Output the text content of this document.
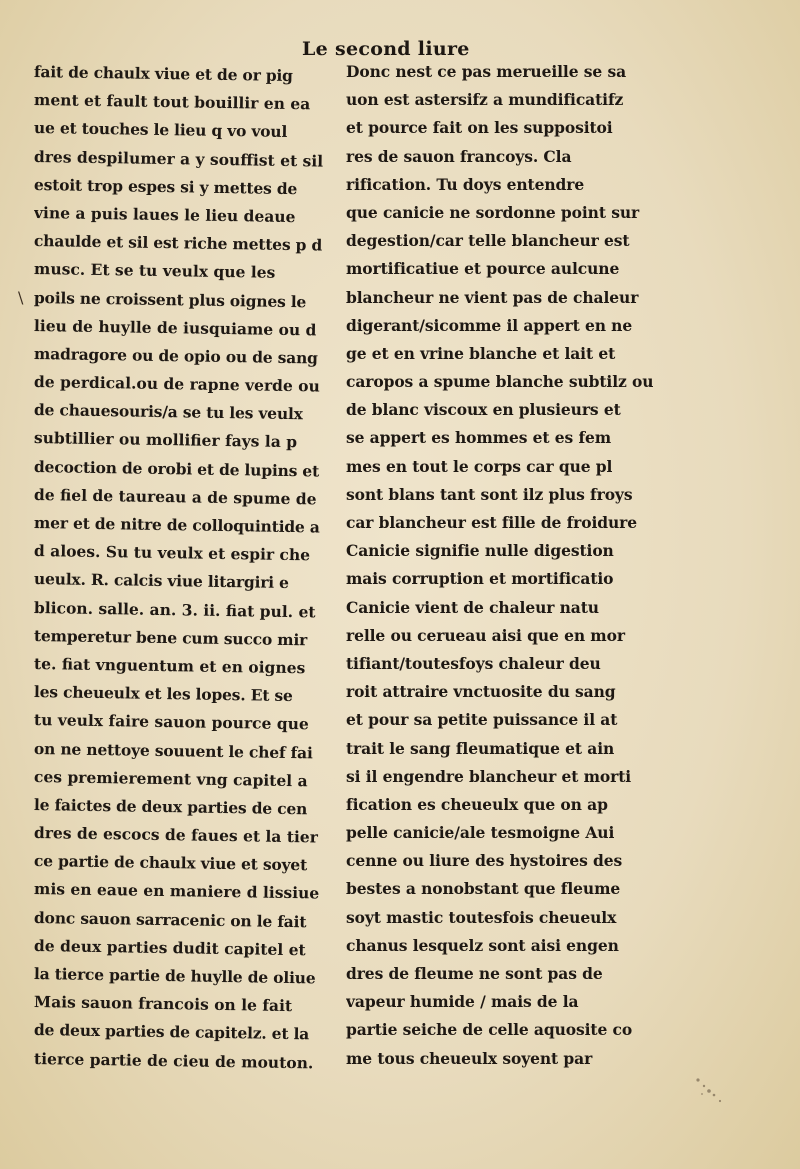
Le second liure
\
fait de chaulx viue et de or pig
ment et fault tout bouillir en ea
ue et touches le lieu q vo voul
dres despilumer a y souffist et sil
estoit trop espes si y mettes de
vine a puis laues le lieu deaue
chaulde et sil est riche mettes p d
musc. Et se tu veulx que les
poils ne croissent plus oignes le
lieu de huylle de iusquiame ou d
madragore ou de opio ou de sang
de perdical.ou de rapne verde ou
de chauesouris/a se tu les veulx
subtillier ou mollifier fays la p
decoction de orobi et de lupins et
de fiel de taureau a de spume de
mer et de nitre de colloquintide a
d aloes. Su tu veulx et espir che
ueulx. R. calcis viue litargiri e
blicon. salle. an. 3. ii. fiat pul. et
temperetur bene cum succo mir
te. fiat vnguentum et en oignes
les cheueulx et les lopes. Et se
tu veulx faire sauon pource que
on ne nettoye souuent le chef fai
ces premierement vng capitel a
le faictes de deux parties de cen
dres de escocs de faues et la tier
ce partie de chaulx viue et soyet
mis en eaue en maniere d lissiue
donc sauon sarracenic on le fait
de deux parties dudit capitel et
la tierce partie de huylle de oliue
Mais sauon francois on le fait
de deux parties de capitelz. et la
tierce partie de cieu de mouton.
Donc nest ce pas merueille se sa
uon est astersifz a mundificatifz
et pource fait on les suppositoi
res de sauon francoys. Cla
rification. Tu doys entendre
que canicie ne sordonne point sur
degestion/car telle blancheur est
mortificatiue et pource aulcune
blancheur ne vient pas de chaleur
digerant/sicomme il appert en ne
ge et en vrine blanche et lait et
caropos a spume blanche subtilz ou
de blanc viscoux en plusieurs et
se appert es hommes et es fem
mes en tout le corps car que pl
sont blans tant sont ilz plus froys
car blancheur est fille de froidure
Canicie signifie nulle digestion
mais corruption et mortificatio
Canicie vient de chaleur natu
relle ou cerueau aisi que en mor
tifiant/toutesfoys chaleur deu
roit attraire vnctuosite du sang
et pour sa petite puissance il at
trait le sang fleumatique et ain
si il engendre blancheur et morti
fication es cheueulx que on ap
pelle canicie/ale tesmoigne Aui
cenne ou liure des hystoires des
bestes a nonobstant que fleume
soyt mastic toutesfois cheueulx
chanus lesquelz sont aisi engen
dres de fleume ne sont pas de
vapeur humide / mais de la
partie seiche de celle aquosite co
me tous cheueulx soyent par
